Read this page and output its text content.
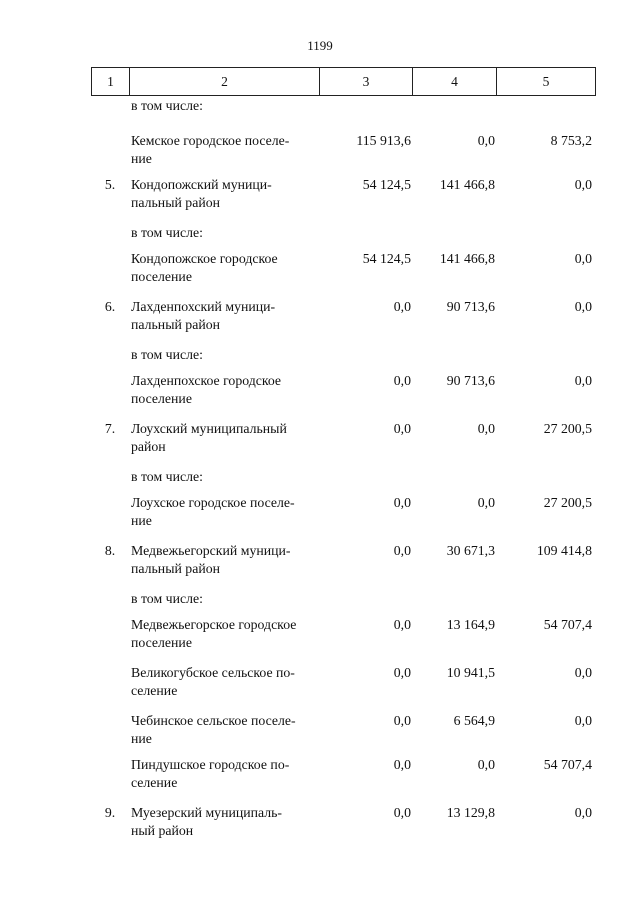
1199
1	2	3	4	5
в том числе:
Кемское городское поселе-
ние
115 913,6	0,0	8 753,2
5.	Кондопожский муници-
пальный район
54 124,5	141 466,8	0,0
в том числе:
Кондопожское городское
поселение
54 124,5	141 466,8	0,0
6.	Лахденпохский муници-
пальный район
0,0	90 713,6	0,0
в том числе:
Лахденпохское городское
поселение
0,0	90 713,6	0,0
7.	Лоухский муниципальный
район
0,0	0,0	27 200,5
в том числе:
Лоухское городское поселе-
ние
0,0	0,0	27 200,5
8.	Медвежьегорский муници-
пальный район
0,0	30 671,3	109 414,8
в том числе:
Медвежьегорское городское
поселение
0,0	13 164,9	54 707,4
Великогубское сельское по-
селение
0,0	10 941,5	0,0
Чебинское сельское поселе-
ние
0,0	6 564,9	0,0
Пиндушское городское по-
селение
0,0	0,0	54 707,4
9.	Муезерский муниципаль-
ный район
0,0	13 129,8	0,0
